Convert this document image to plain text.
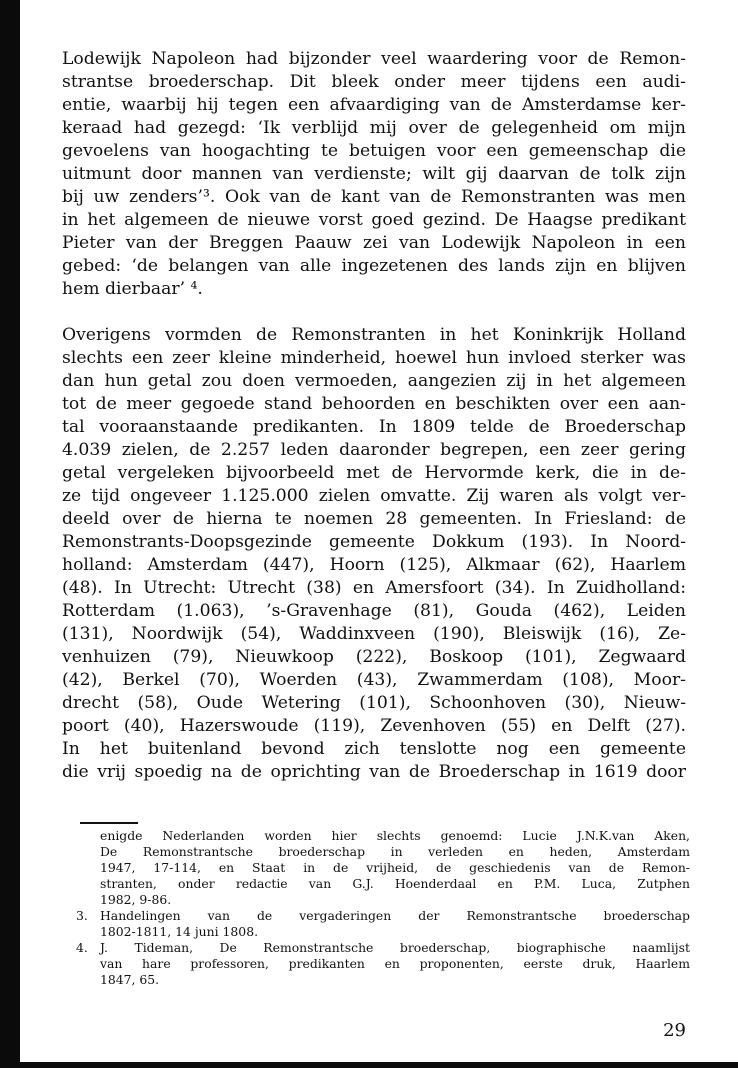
Lodewijk Napoleon had bijzonder veel waardering voor de Remon-
strantse broederschap. Dit bleek onder meer tijdens een audi-
entie, waarbij hij tegen een afvaardiging van de Amsterdamse ker-
keraad had gezegd: ‘Ik verblijd mij over de gelegenheid om mijn
gevoelens van hoogachting te betuigen voor een gemeenschap die
uitmunt door mannen van verdienste; wilt gij daarvan de tolk zijn
bij uw zenders’³. Ook van de kant van de Remonstranten was men
in het algemeen de nieuwe vorst goed gezind. De Haagse predikant
Pieter van der Breggen Paauw zei van Lodewijk Napoleon in een
gebed: ‘de belangen van alle ingezetenen des lands zijn en blijven
hem dierbaar’ ⁴.

Overigens vormden de Remonstranten in het Koninkrijk Holland
slechts een zeer kleine minderheid, hoewel hun invloed sterker was
dan hun getal zou doen vermoeden, aangezien zij in het algemeen
tot de meer gegoede stand behoorden en beschikten over een aan-
tal vooraanstaande predikanten. In 1809 telde de Broederschap
4.039 zielen, de 2.257 leden daaronder begrepen, een zeer gering
getal vergeleken bijvoorbeeld met de Hervormde kerk, die in de-
ze tijd ongeveer 1.125.000 zielen omvatte. Zij waren als volgt ver-
deeld over de hierna te noemen 28 gemeenten. In Friesland: de
Remonstrants-Doopsgezinde gemeente Dokkum (193). In Noord-
holland: Amsterdam (447), Hoorn (125), Alkmaar (62), Haarlem
(48). In Utrecht: Utrecht (38) en Amersfoort (34). In Zuidholland:
Rotterdam (1.063), ’s-Gravenhage (81), Gouda (462), Leiden
(131), Noordwijk (54), Waddinxveen (190), Bleiswijk (16), Ze-
venhuizen (79), Nieuwkoop (222), Boskoop (101), Zegwaard
(42), Berkel (70), Woerden (43), Zwammerdam (108), Moor-
drecht (58), Oude Wetering (101), Schoonhoven (30), Nieuw-
poort (40), Hazerswoude (119), Zevenhoven (55) en Delft (27).
In het buitenland bevond zich tenslotte nog een gemeente
die vrij spoedig na de oprichting van de Broederschap in 1619 door

enigde Nederlanden worden hier slechts genoemd: Lucie J.N.K.van Aken,
De Remonstrantsche broederschap in verleden en heden, Amsterdam
1947, 17-114, en Staat in de vrijheid, de geschiedenis van de Remon-
stranten, onder redactie van G.J. Hoenderdaal en P.M. Luca, Zutphen
1982, 9-86.
3. Handelingen van de vergaderingen der Remonstrantsche broederschap
1802-1811, 14 juni 1808.
4. J. Tideman, De Remonstrantsche broederschap, biographische naamlijst
van hare professoren, predikanten en proponenten, eerste druk, Haarlem
1847, 65.
29
